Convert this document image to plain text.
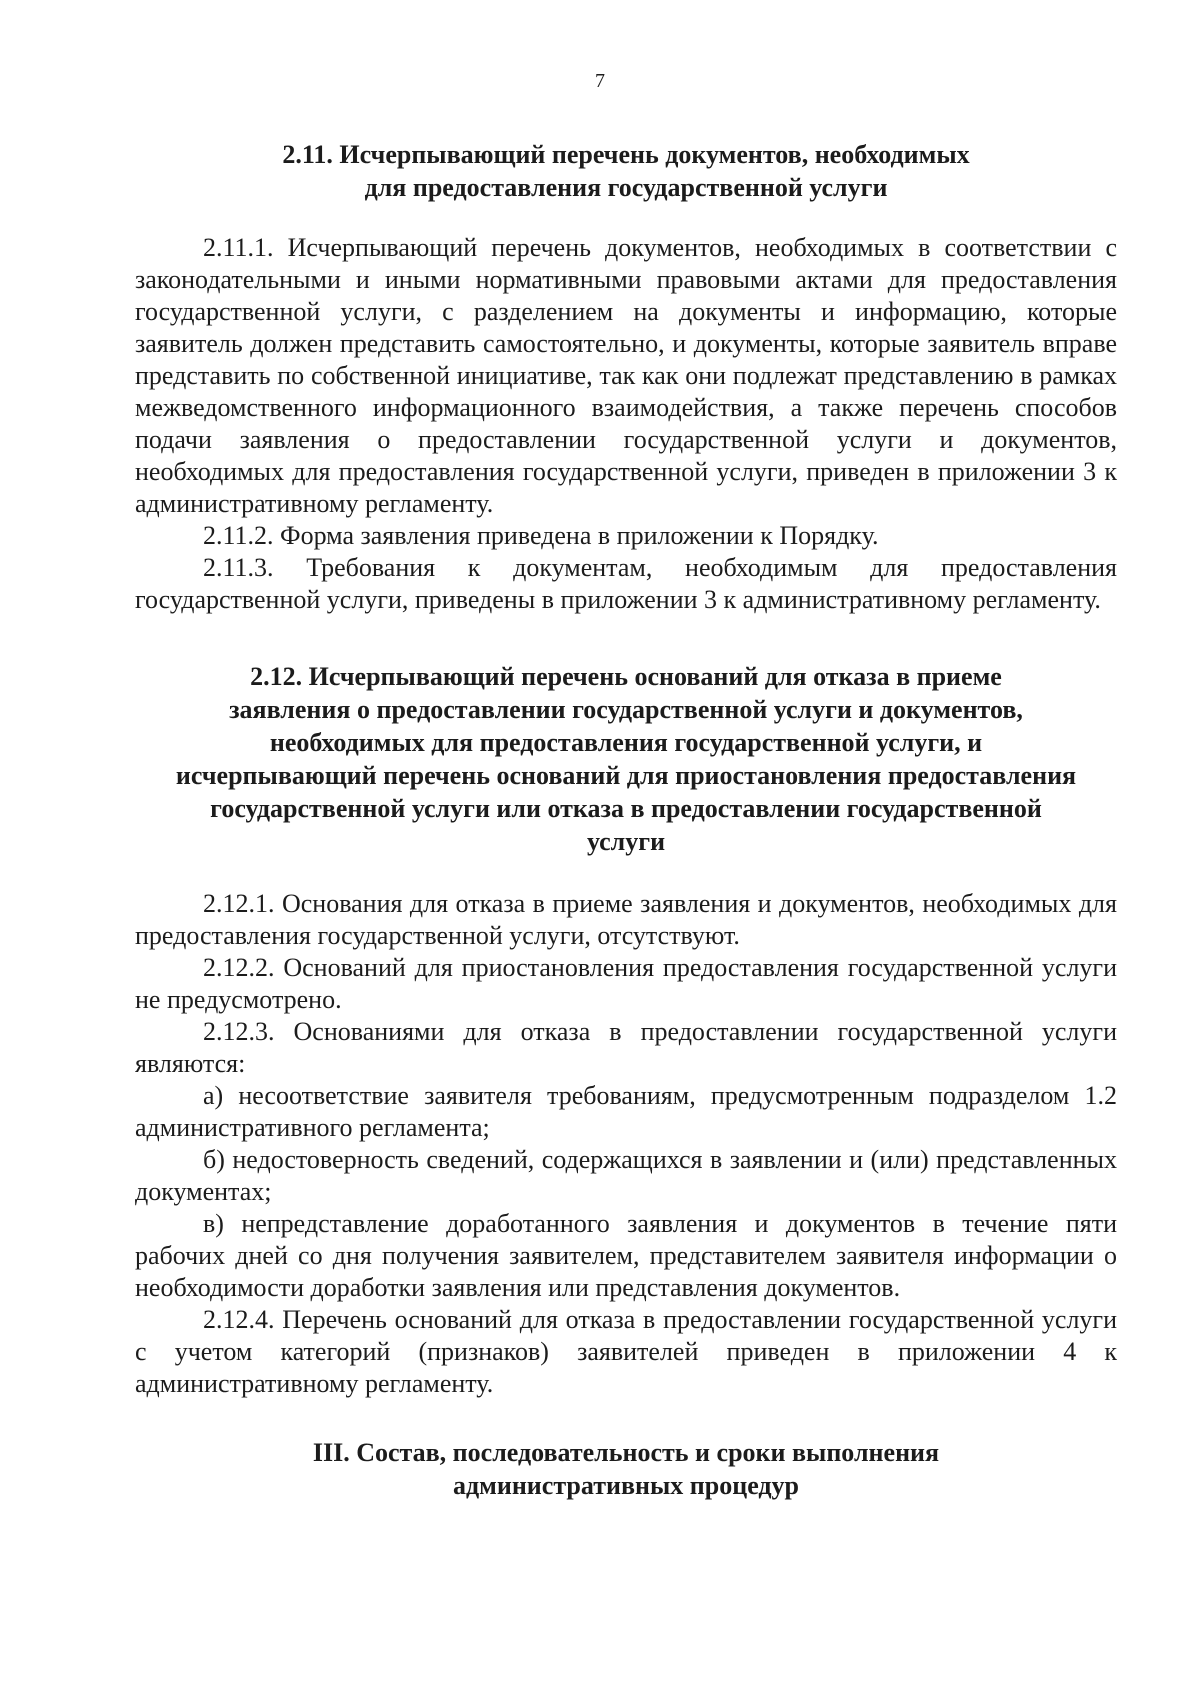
7
2.11. Исчерпывающий перечень документов, необходимых
для предоставления государственной услуги

2.11.1. Исчерпывающий перечень документов, необходимых в соответствии с законодательными и иными нормативными правовыми актами для предоставления государственной услуги, с разделением на документы и информацию, которые заявитель должен представить самостоятельно, и документы, которые заявитель вправе представить по собственной инициативе, так как они подлежат представлению в рамках межведомственного информационного взаимодействия, а также перечень способов подачи заявления о предоставлении государственной услуги и документов, необходимых для предоставления государственной услуги, приведен в приложении 3 к административному регламенту.

2.11.2. Форма заявления приведена в приложении к Порядку.

2.11.3. Требования к документам, необходимым для предоставления государственной услуги, приведены в приложении 3 к административному регламенту.

2.12. Исчерпывающий перечень оснований для отказа в приеме
заявления о предоставлении государственной услуги и документов,
необходимых для предоставления государственной услуги, и
исчерпывающий перечень оснований для приостановления предоставления
государственной услуги или отказа в предоставлении государственной
услуги

2.12.1. Основания для отказа в приеме заявления и документов, необходимых для предоставления государственной услуги, отсутствуют.

2.12.2. Оснований для приостановления предоставления государственной услуги не предусмотрено.

2.12.3. Основаниями для отказа в предоставлении государственной услуги являются:

а) несоответствие заявителя требованиям, предусмотренным подразделом 1.2 административного регламента;

б) недостоверность сведений, содержащихся в заявлении и (или) представленных документах;

в) непредставление доработанного заявления и документов в течение пяти рабочих дней со дня получения заявителем, представителем заявителя информации о необходимости доработки заявления или представления документов.

2.12.4. Перечень оснований для отказа в предоставлении государственной услуги с учетом категорий (признаков) заявителей приведен в приложении 4 к административному регламенту.

III. Состав, последовательность и сроки выполнения
административных процедур
